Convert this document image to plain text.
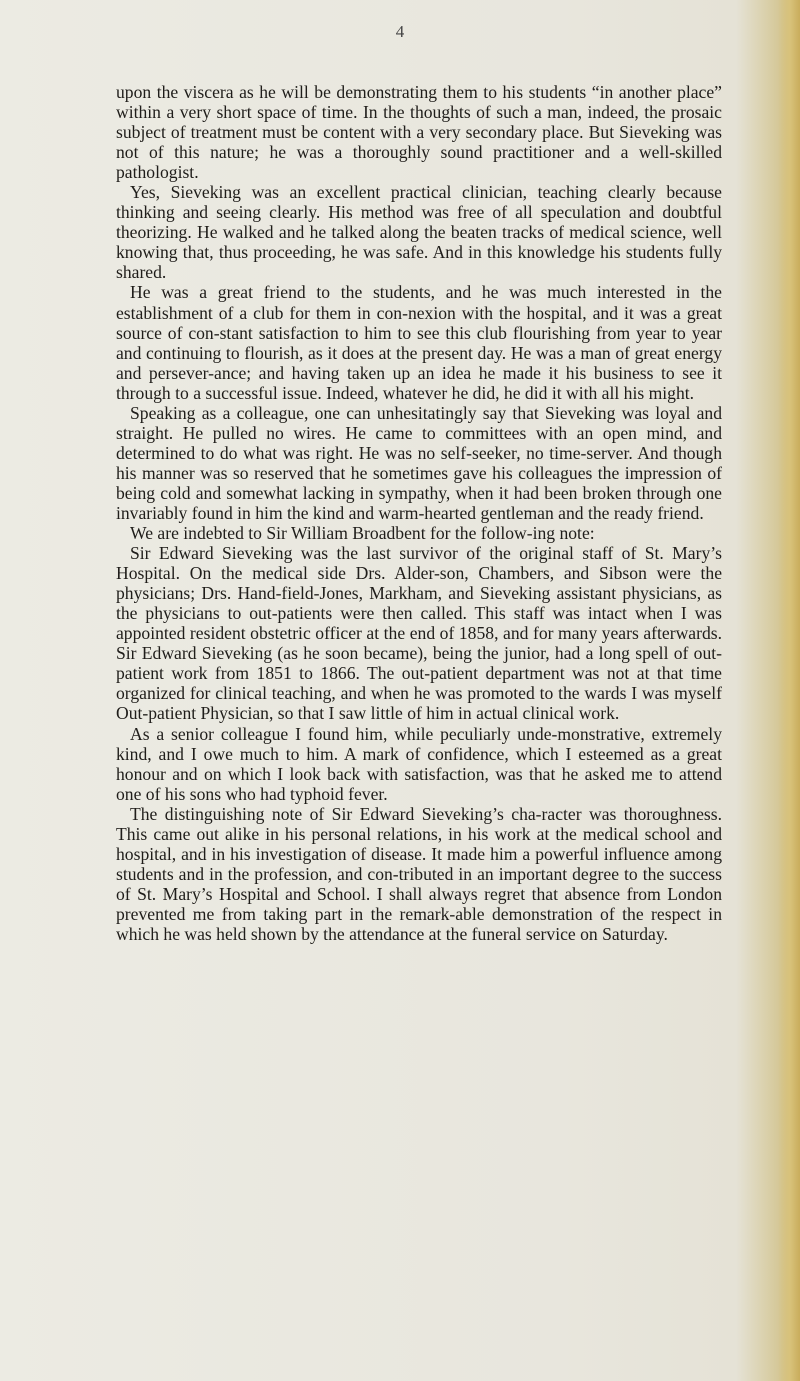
4

upon the viscera as he will be demonstrating them to his students “in another place” within a very short space of time. In the thoughts of such a man, indeed, the prosaic subject of treatment must be content with a very secondary place. But Sieveking was not of this nature; he was a thoroughly sound practitioner and a well-skilled pathologist.

Yes, Sieveking was an excellent practical clinician, teaching clearly because thinking and seeing clearly. His method was free of all speculation and doubtful theorizing. He walked and he talked along the beaten tracks of medical science, well knowing that, thus proceeding, he was safe. And in this knowledge his students fully shared.

He was a great friend to the students, and he was much interested in the establishment of a club for them in con-nexion with the hospital, and it was a great source of con-stant satisfaction to him to see this club flourishing from year to year and continuing to flourish, as it does at the present day. He was a man of great energy and persever-ance; and having taken up an idea he made it his business to see it through to a successful issue. Indeed, whatever he did, he did it with all his might.

Speaking as a colleague, one can unhesitatingly say that Sieveking was loyal and straight. He pulled no wires. He came to committees with an open mind, and determined to do what was right. He was no self-seeker, no time-server. And though his manner was so reserved that he sometimes gave his colleagues the impression of being cold and somewhat lacking in sympathy, when it had been broken through one invariably found in him the kind and warm-hearted gentleman and the ready friend.

We are indebted to Sir William Broadbent for the follow-ing note:

Sir Edward Sieveking was the last survivor of the original staff of St. Mary’s Hospital. On the medical side Drs. Alder-son, Chambers, and Sibson were the physicians; Drs. Hand-field-Jones, Markham, and Sieveking assistant physicians, as the physicians to out-patients were then called. This staff was intact when I was appointed resident obstetric officer at the end of 1858, and for many years afterwards. Sir Edward Sieveking (as he soon became), being the junior, had a long spell of out-patient work from 1851 to 1866. The out-patient department was not at that time organized for clinical teaching, and when he was promoted to the wards I was myself Out-patient Physician, so that I saw little of him in actual clinical work.

As a senior colleague I found him, while peculiarly unde-monstrative, extremely kind, and I owe much to him. A mark of confidence, which I esteemed as a great honour and on which I look back with satisfaction, was that he asked me to attend one of his sons who had typhoid fever.

The distinguishing note of Sir Edward Sieveking’s cha-racter was thoroughness. This came out alike in his personal relations, in his work at the medical school and hospital, and in his investigation of disease. It made him a powerful influence among students and in the profession, and con-tributed in an important degree to the success of St. Mary’s Hospital and School. I shall always regret that absence from London prevented me from taking part in the remark-able demonstration of the respect in which he was held shown by the attendance at the funeral service on Saturday.
